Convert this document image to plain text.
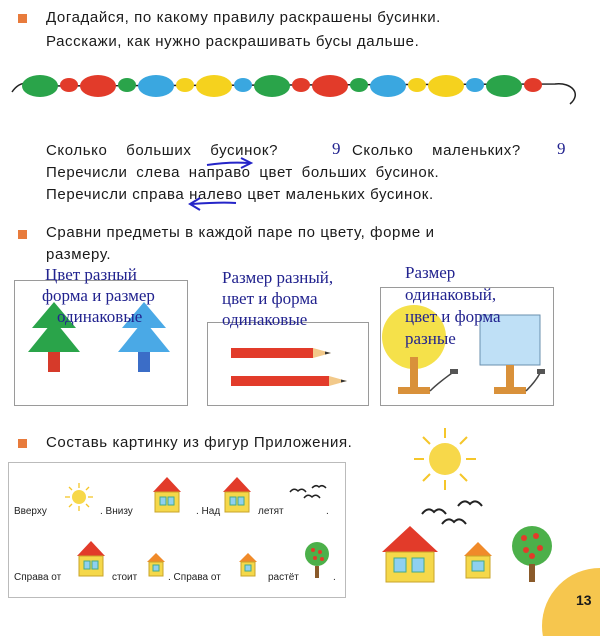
Догадайся, по какому правилу раскрашены бусинки.
Расскажи, как нужно раскрашивать бусы дальше.
Сколько больших бусинок?	9 Сколько маленьких? 9
Перечисли слева направо цвет больших бусинок.
Перечисли справа налево цвет маленьких бусинок.
Сравни предметы в каждой паре по цвету, форме и
размеру.
Цвет разный
форма и размер
одинаковые
Размер разный,
цвет и форма
одинаковые
Размер
одинаковый,
цвет и форма
разные
Составь картинку из фигур Приложения.
Вверху	. Внизу	. Над	летят	.
Справа от	стоит	. Справа от	растёт	.
13
